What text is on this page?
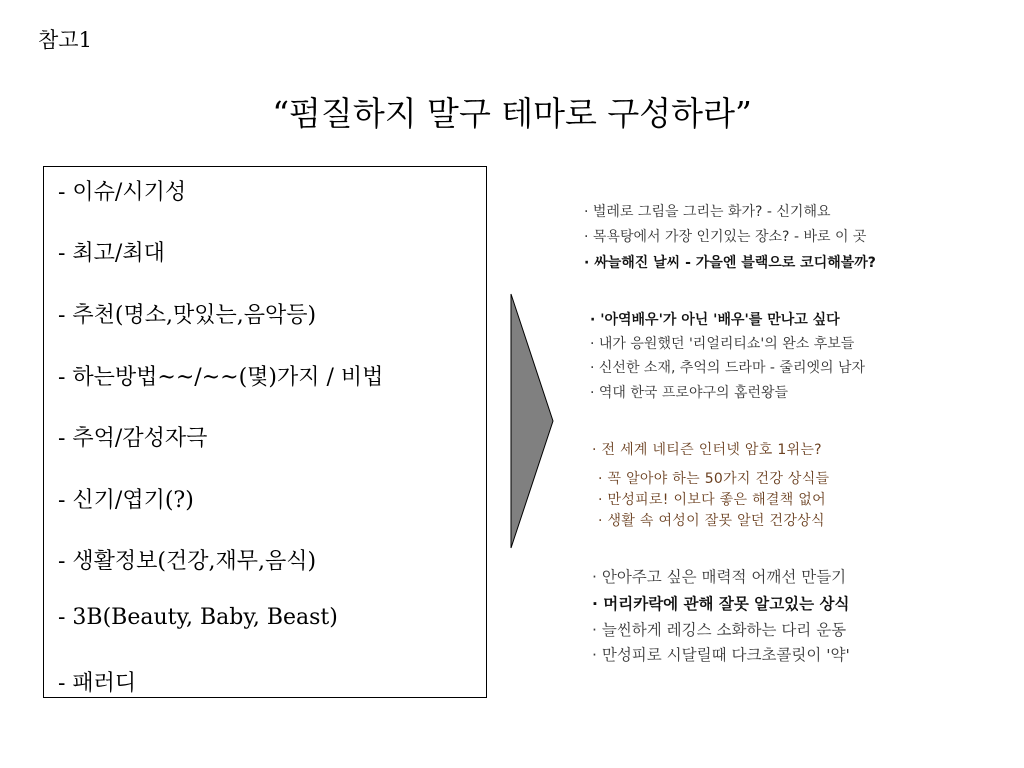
참고1
“펌질하지 말구 테마로 구성하라”
- 이슈/시기성
- 최고/최대
- 추천(명소,맛있는,음악등)
- 하는방법~~/~~(몇)가지 / 비법
- 추억/감성자극
- 신기/엽기(?)
- 생활정보(건강,재무,음식)
- 3B(Beauty, Baby, Beast)
- 패러디
· 벌레로 그림을 그리는 화가? - 신기해요
· 목욕탕에서 가장 인기있는 장소? - 바로 이 곳
· 싸늘해진 날씨 - 가을엔 블랙으로 코디해볼까?
· '아역배우'가 아닌 '배우'를 만나고 싶다
· 내가 응원했던 '리얼리티쇼'의 완소 후보들
· 신선한 소재, 추억의 드라마 - 줄리엣의 남자
· 역대 한국 프로야구의 홈런왕들
· 전 세계 네티즌 인터넷 암호 1위는?
· 꼭 알아야 하는 50가지 건강 상식들
· 만성피로! 이보다 좋은 해결책 없어
· 생활 속 여성이 잘못 알던 건강상식
· 안아주고 싶은 매력적 어깨선 만들기
· 머리카락에 관해 잘못 알고있는 상식
· 늘씬하게 레깅스 소화하는 다리 운동
· 만성피로 시달릴때 다크초콜릿이 '약'
